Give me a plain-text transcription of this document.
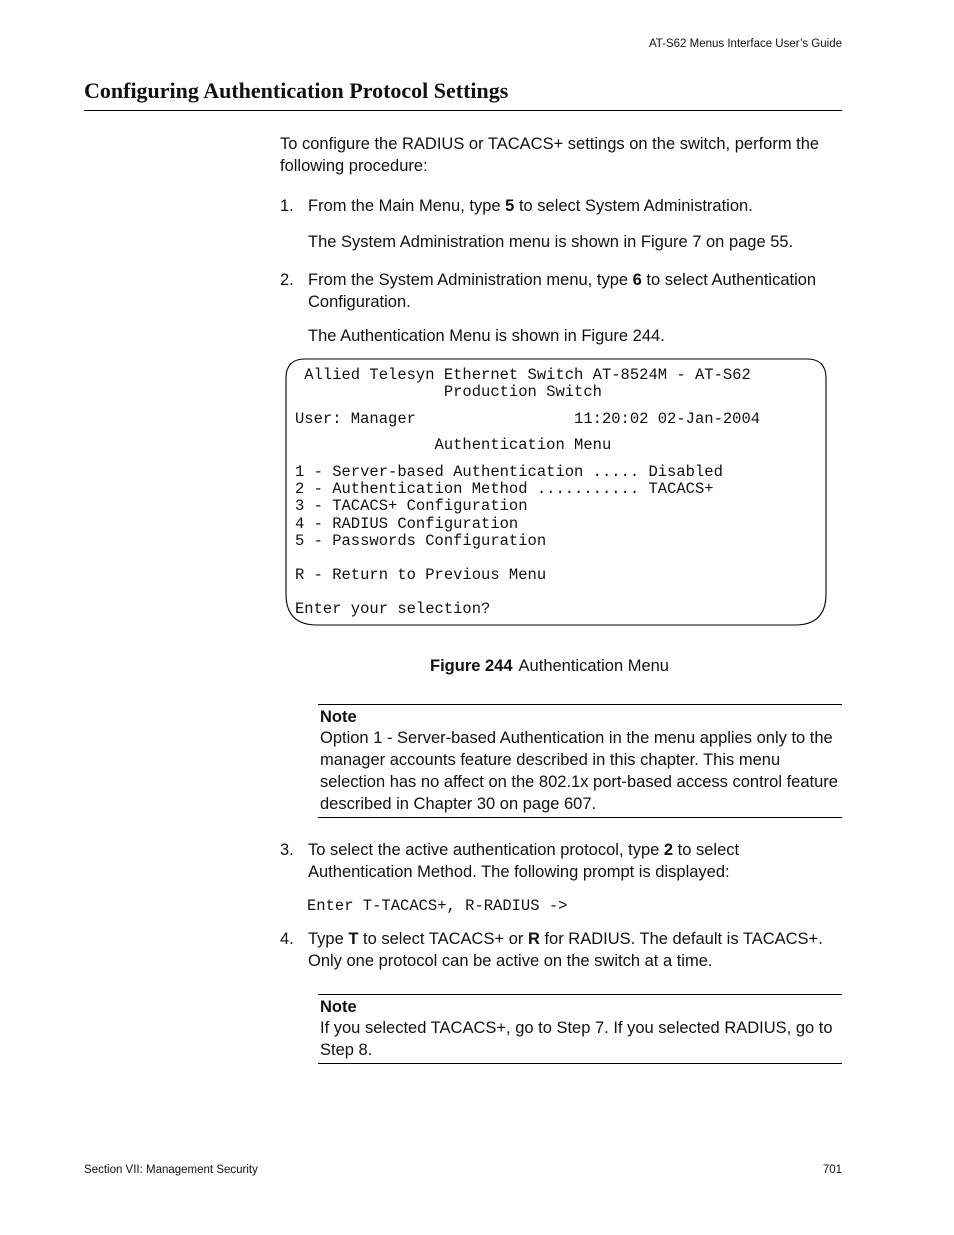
AT-S62 Menus Interface User’s Guide
Configuring Authentication Protocol Settings
To configure the RADIUS or TACACS+ settings on the switch, perform the following procedure:
1. From the Main Menu, type 5 to select System Administration.
The System Administration menu is shown in Figure 7 on page 55.
2. From the System Administration menu, type 6 to select Authentication Configuration.
The Authentication Menu is shown in Figure 244.
Allied Telesyn Ethernet Switch AT-8524M - AT-S62
Production Switch
User: Manager                 11:20:02 02-Jan-2004
Authentication Menu
1 - Server-based Authentication ..... Disabled
2 - Authentication Method ........... TACACS+
3 - TACACS+ Configuration
4 - RADIUS Configuration
5 - Passwords Configuration
R - Return to Previous Menu
Enter your selection?
Figure 244 Authentication Menu
Note
Option 1 - Server-based Authentication in the menu applies only to the manager accounts feature described in this chapter. This menu selection has no affect on the 802.1x port-based access control feature described in Chapter 30 on page 607.
3. To select the active authentication protocol, type 2 to select Authentication Method. The following prompt is displayed:
Enter T-TACACS+, R-RADIUS ->
4. Type T to select TACACS+ or R for RADIUS. The default is TACACS+. Only one protocol can be active on the switch at a time.
Note
If you selected TACACS+, go to Step 7. If you selected RADIUS, go to Step 8.
Section VII: Management Security	701
